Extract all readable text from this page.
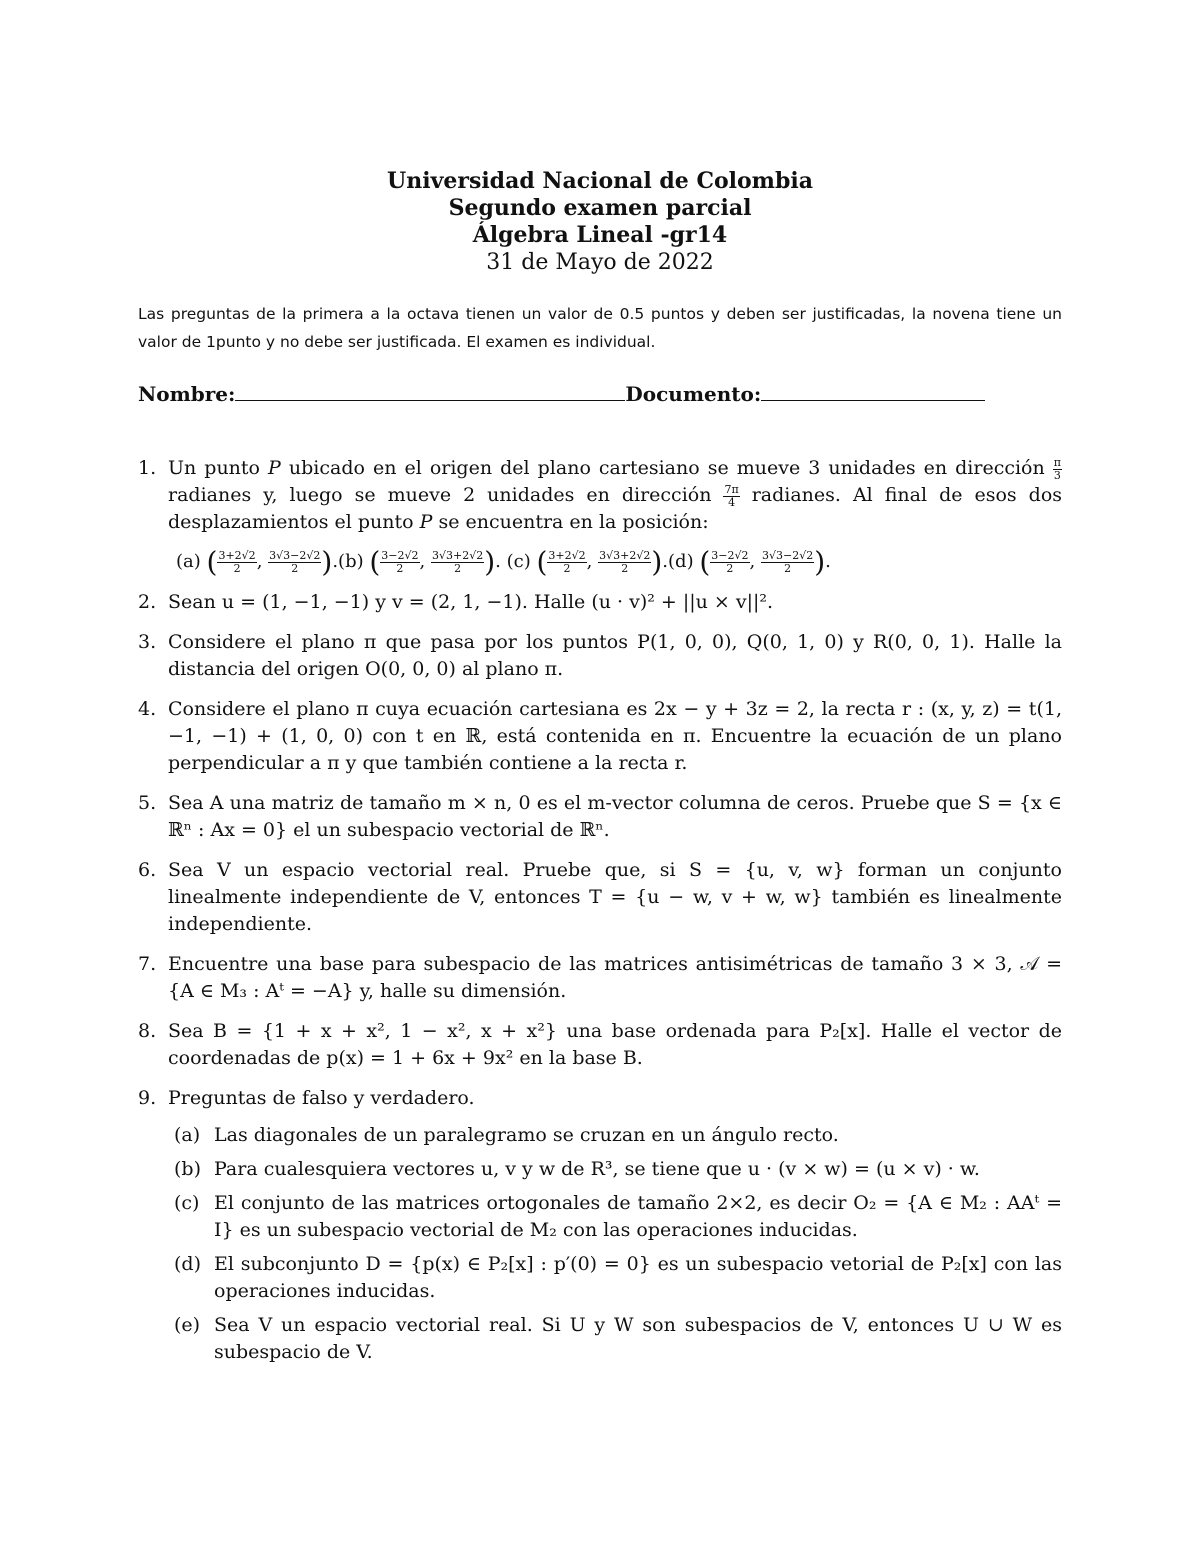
Universidad Nacional de Colombia
Segundo examen parcial
Álgebra Lineal -gr14
31 de Mayo de 2022
Las preguntas de la primera a la octava tienen un valor de 0.5 puntos y deben ser justificadas, la novena tiene un valor de 1punto y no debe ser justificada. El examen es individual.
Nombre:	Documento:
1. Un punto P ubicado en el origen del plano cartesiano se mueve 3 unidades en dirección $\frac{\pi}{3}$
radianes y, luego se mueve 2 unidades en dirección $\frac{7\pi}{4}$ radianes. Al final de esos dos desplazamientos el punto P se encuentra en la posición:
(a) ( $\frac{3+2√2}{2}$ , $\frac{3√3-2√2}{2} ).(b)$ ( $\frac{3-2√2}{2}$ , $\frac{3√3+2√2}{2}$ ). (c) ( $\frac{3+2√2}{2}$ , $\frac{3√3+2√2}{2} ).(d)$ ( $\frac{3-2√2}{2}$ , $\frac{3√3-2√2}{2}$ ).
2. Sean u = (1, −1, −1) y v = (2, 1, −1). Halle (u · v)² + ||u × v||².
3. Considere el plano π que pasa por los puntos P(1, 0, 0), Q(0, 1, 0) y R(0, 0, 1). Halle la distancia del origen O(0, 0, 0) al plano π.
4. Considere el plano π cuya ecuación cartesiana es 2x − y + 3z = 2, la recta r : (x, y, z) = t(1, −1, −1) + (1, 0, 0) con t en ℝ, está contenida en π. Encuentre la ecuación de un plano perpendicular a π y que también contiene a la recta r.
5. Sea A una matriz de tamaño m × n, 0 es el m-vector columna de ceros. Pruebe que S = {x ∈ ℝⁿ : Ax = 0} el un subespacio vectorial de ℝⁿ.
6. Sea V un espacio vectorial real. Pruebe que, si S = {u, v, w} forman un conjunto linealmente independiente de V, entonces T = {u − w, v + w, w} también es linealmente independiente.
7. Encuentre una base para subespacio de las matrices antisimétricas de tamaño 3 × 3, 𝒜 = {A ∈ M₃ : Aᵗ = −A} y, halle su dimensión.
8. Sea B = {1 + x + x², 1 − x², x + x²} una base ordenada para P₂[x]. Halle el vector de coordenadas de p(x) = 1 + 6x + 9x² en la base B.
9. Preguntas de falso y verdadero.
(a) Las diagonales de un paralegramo se cruzan en un ángulo recto.
(b) Para cualesquiera vectores u, v y w de R³, se tiene que u · (v × w) = (u × v) · w.
(c) El conjunto de las matrices ortogonales de tamaño 2×2, es decir O₂ = {A ∈ M₂ : AAᵗ = I} es un subespacio vectorial de M₂ con las operaciones inducidas.
(d) El subconjunto D = {p(x) ∈ P₂[x] : p′(0) = 0} es un subespacio vetorial de P₂[x] con las operaciones inducidas.
(e) Sea V un espacio vectorial real. Si U y W son subespacios de V, entonces U ∪ W es subespacio de V.
